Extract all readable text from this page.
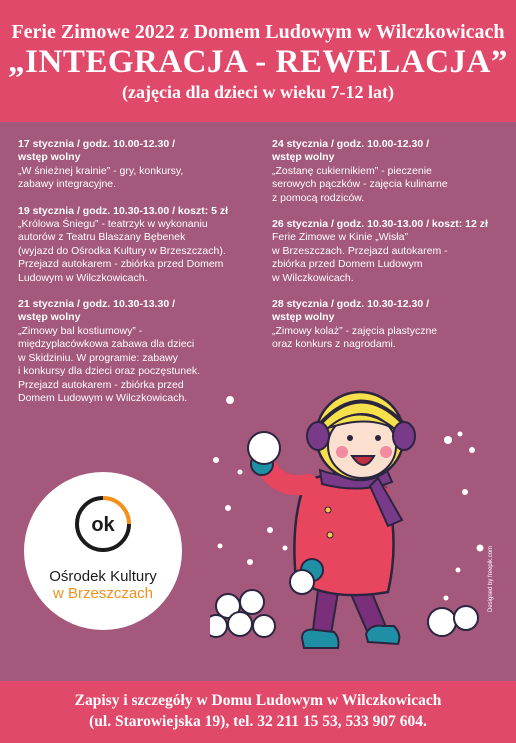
Ferie Zimowe 2022 z Domem Ludowym w Wilczkowicach
„INTEGRACJA - REWELACJA”
(zajęcia dla dzieci w wieku 7-12 lat)
17 stycznia / godz. 10.00-12.30 /
wstęp wolny
„W śnieżnej krainie” - gry, konkursy,
zabawy integracyjne.
19 stycznia / godz. 10.30-13.00 / koszt: 5 zł
„Królowa Śniegu” - teatrzyk w wykonaniu
autorów z Teatru Blaszany Bębenek
(wyjazd do Ośrodka Kultury w Brzeszczach).
Przejazd autokarem - zbiórka przed Domem
Ludowym w Wilczkowicach.
21 stycznia / godz. 10.30-13.30 /
wstęp wolny
„Zimowy bal kostiumowy” -
międzyplacówkowa zabawa dla dzieci
w Skidziniu. W programie: zabawy
i konkursy dla dzieci oraz poczęstunek.
Przejazd autokarem - zbiórka przed
Domem Ludowym w Wilczkowicach.
24 stycznia / godz. 10.00-12.30 /
wstęp wolny
„Zostanę cukiernikiem” - pieczenie
serowych pączków - zajęcia kulinarne
z pomocą rodziców.
26 stycznia / godz. 10.30-13.00 / koszt: 12 zł
Ferie Zimowe w Kinie „Wisła”
w Brzeszczach. Przejazd autokarem -
zbiórka przed Domem Ludowym
w Wilczkowicach.
28 stycznia / godz. 10.30-12.30 /
wstęp wolny
„Zimowy kolaż” - zajęcia plastyczne
oraz konkurs z nagrodami.
ok
Ośrodek Kultury
w Brzeszczach	Designed by freepik.com
Zapisy i szczegóły w Domu Ludowym w Wilczkowicach
(ul. Starowiejska 19), tel. 32 211 15 53, 533 907 604.
